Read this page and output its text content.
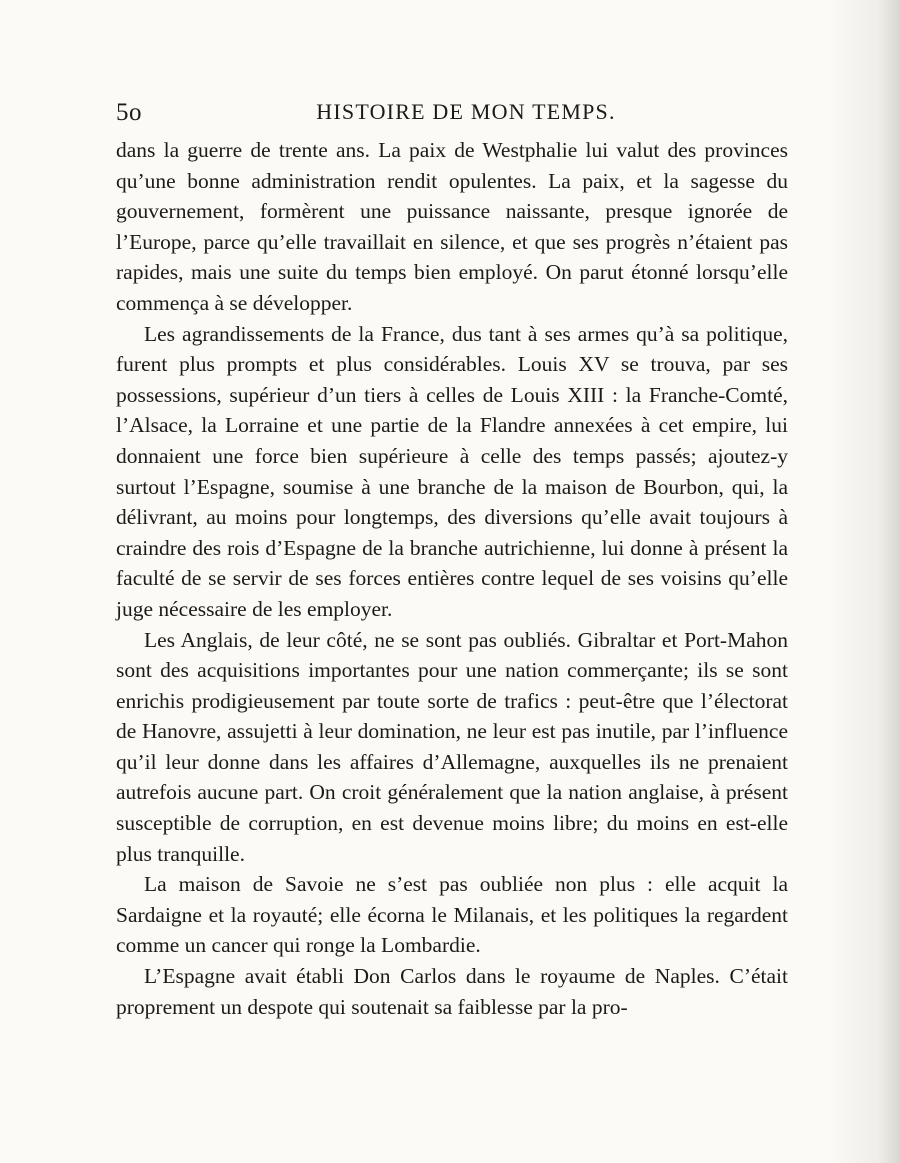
5o	HISTOIRE DE MON TEMPS.

dans la guerre de trente ans. La paix de Westphalie lui valut des provinces qu’une bonne administration rendit opulentes. La paix, et la sagesse du gouvernement, formèrent une puissance naissante, presque ignorée de l’Europe, parce qu’elle travaillait en silence, et que ses progrès n’étaient pas rapides, mais une suite du temps bien employé. On parut étonné lorsqu’elle commença à se développer.

Les agrandissements de la France, dus tant à ses armes qu’à sa politique, furent plus prompts et plus considérables. Louis XV se trouva, par ses possessions, supérieur d’un tiers à celles de Louis XIII : la Franche-Comté, l’Alsace, la Lorraine et une partie de la Flandre annexées à cet empire, lui donnaient une force bien supérieure à celle des temps passés; ajoutez-y surtout l’Espagne, soumise à une branche de la maison de Bourbon, qui, la délivrant, au moins pour longtemps, des diversions qu’elle avait toujours à craindre des rois d’Espagne de la branche autrichienne, lui donne à présent la faculté de se servir de ses forces entières contre lequel de ses voisins qu’elle juge nécessaire de les employer.

Les Anglais, de leur côté, ne se sont pas oubliés. Gibraltar et Port-Mahon sont des acquisitions importantes pour une nation commerçante; ils se sont enrichis prodigieusement par toute sorte de trafics : peut-être que l’électorat de Hanovre, assujetti à leur domination, ne leur est pas inutile, par l’influence qu’il leur donne dans les affaires d’Allemagne, auxquelles ils ne prenaient autrefois aucune part. On croit généralement que la nation anglaise, à présent susceptible de corruption, en est devenue moins libre; du moins en est-elle plus tranquille.

La maison de Savoie ne s’est pas oubliée non plus : elle acquit la Sardaigne et la royauté; elle écorna le Milanais, et les politiques la regardent comme un cancer qui ronge la Lombardie.

L’Espagne avait établi Don Carlos dans le royaume de Naples. C’était proprement un despote qui soutenait sa faiblesse par la pro-
